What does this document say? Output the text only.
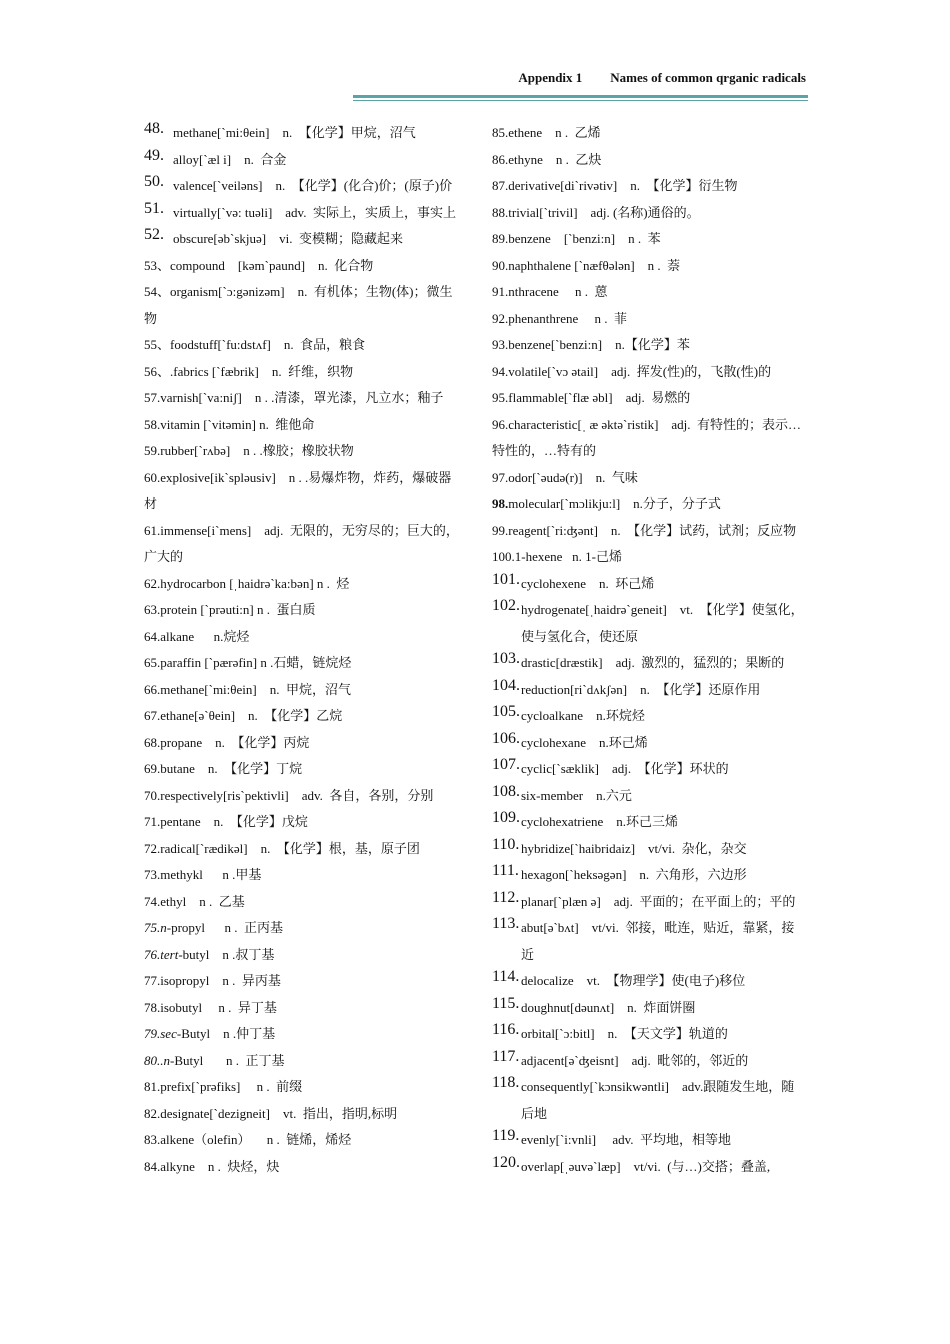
Appendix 1 Names of common qrganic radicals
48. methane[`mi:θein]    n.  【化学】甲烷，沼气
49. alloy[`æl i]    n.  合金
50. valence[`veiləns]    n.  【化学】(化合)价；(原子)价
51. virtually[`və: tuəli]    adv.  实际上，实质上，事实上
52. obscure[əb`skjuə]    vi.  变模糊；隐藏起来
53、compound    [kəm`paund]    n.  化合物
54、organism[`ɔ:gənizəm]    n.  有机体；生物(体)；微生物
55、foodstuff[`fu:dstʌf]    n.  食品，粮食
56、.fabrics [`fæbrik]    n.  纤维，织物
57.varnish[`va:niʃ]    n . .清漆，罩光漆，凡立水；釉子
58.vitamin [`vitəmin] n.  维他命
59.rubber[`rʌbə]    n . .橡胶；橡胶状物
60.explosive[ik`spləusiv]    n . .易爆炸物，炸药，爆破器材
61.immense[i`mens]    adj.  无限的，无穷尽的；巨大的，广大的
62.hydrocarbon [ˌhaidrə`ka:bən] n .  烃
63.protein [`prəuti:n] n .  蛋白质
64.alkane      n.烷烃
65.paraffin [`pærəfin] n .石蜡，链烷烃
66.methane[`mi:θein]    n.  甲烷，沼气
67.ethane[ə`θein]    n.  【化学】乙烷
68.propane    n.  【化学】丙烷
69.butane    n.  【化学】丁烷
70.respectively[ris`pektivli]    adv.  各自，各别，分别
71.pentane    n.  【化学】戊烷
72.radical[`rædikəl]    n.  【化学】根，基，原子团
73.methykl      n .甲基
74.ethyl    n .  乙基
75.n-propyl      n .  正丙基
76.tert-butyl    n .叔丁基
77.isopropyl    n .  异丙基
78.isobutyl     n .  异丁基
79.sec-Butyl    n .仲丁基
80..n-Butyl       n .  正丁基
81.prefix[`prəfiks]     n .  前缀
82.designate[`dezigneit]    vt.  指出，指明,标明
83.alkene（olefin）     n .  链烯，烯烃
84.alkyne    n .  炔烃，炔
85.ethene    n .  乙烯
86.ethyne    n .  乙炔
87.derivative[di`rivətiv]    n.  【化学】衍生物
88.trivial[`trivil]    adj. (名称)通俗的。
89.benzene    [`benzi:n]    n .  苯
90.naphthalene [`næfθələn]    n .  萘
91.nthracene     n .  蒽
92.phenanthrene     n .  菲
93.benzene[`benzi:n]    n.【化学】苯
94.volatile[`vɔ ətail]    adj.  挥发(性)的，飞散(性)的
95.flammable[`flæ əbl]    adj.  易燃的
96.characteristic[ˌ æ əktə`ristik]    adj.  有特性的；表示…特性的，…特有的
97.odor[`əudə(r)]    n.  气味
98.molecular[`mɔlikju:l]    n.分子，分子式
99.reagent[`ri:ʤənt]    n.  【化学】试药，试剂；反应物
100.1-hexene   n. 1-己烯
101. cyclohexene    n.  环己烯
102. hydrogenate[ˌhaidrə`geneit]    vt.  【化学】使氢化，使与氢化合，使还原
103. drastic[dræstik]    adj.  激烈的，猛烈的；果断的
104. reduction[ri`dʌkʃən]    n.  【化学】还原作用
105. cycloalkane    n.环烷烃
106. cyclohexane    n.环己烯
107. cyclic[`sæklik]    adj.  【化学】环状的
108. six-member    n.六元
109. cyclohexatriene    n.环己三烯
110. hybridize[`haibridaiz]    vt/vi.  杂化，杂交
111. hexagon[`heksəgən]    n.  六角形，六边形
112. planar[`plæn ə]    adj.  平面的；在平面上的；平的
113. abut[ə`bʌt]    vt/vi.  邻接，毗连，贴近，靠紧，接近
114. delocalize    vt.  【物理学】使(电子)移位
115. doughnut[dəunʌt]    n.  炸面饼圈
116. orbital[`ɔ:bitl]    n.  【天文学】轨道的
117. adjacent[ə`ʤeisnt]    adj.  毗邻的，邻近的
118. consequently[`kɔnsikwəntli]    adv.跟随发生地，随后地
119. evenly[`i:vnli]     adv.  平均地，相等地
120. overlap[ˌəuvə`læp]    vt/vi.  (与…)交搭；叠盖,
